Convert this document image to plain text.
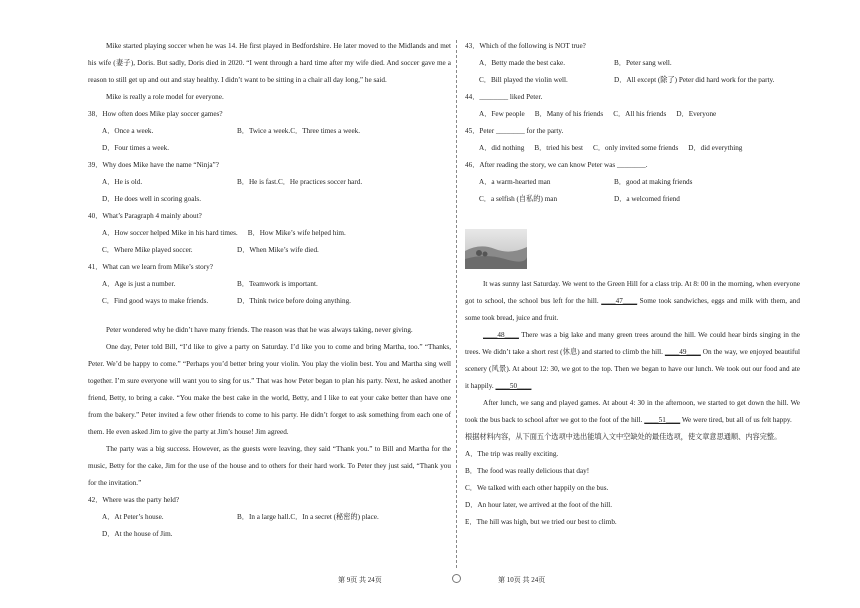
Mike started playing soccer when he was 14. He first played in Bedfordshire. He later moved to the Midlands and met his wife (妻子), Doris. But sadly, Doris died in 2020. “I went through a hard time after my wife died. And soccer gave me a reason to still get up and out and stay healthy. I didn’t want to be sitting in a chair all day long,” he said.

Mike is really a role model for everyone.

38．How often does Mike play soccer games?

A．Once a week.	B．Twice a week. C．Three times a week.
D．Four times a week.

39．Why does Mike have the name “Ninja”?

A．He is old.	B．He is fast. C．He practices soccer hard.
D．He does well in scoring goals.

40．What’s Paragraph 4 mainly about?

A．How soccer helped Mike in his hard times. B．How Mike’s wife helped him.
C．Where Mike played soccer.	D．When Mike’s wife died.

41．What can we learn from Mike’s story?

A．Age is just a number.	B．Teamwork is important.
C．Find good ways to make friends.	D．Think twice before doing anything.

Peter wondered why he didn’t have many friends. The reason was that he was always taking, never giving.

One day, Peter told Bill, “I’d like to give a party on Saturday. I’d like you to come and bring Martha, too.” “Thanks, Peter. We’d be happy to come.” “Perhaps you’d better bring your violin. You play the violin best. You and Martha sing well together. I’m sure everyone will want you to sing for us.” That was how Peter began to plan his party. Next, he asked another friend, Betty, to bring a cake. “You make the best cake in the world, Betty, and I like to eat your cake better than have one from the bakery.” Peter invited a few other friends to come to his party. He didn’t forget to ask something from each one of them. He even asked Jim to give the party at Jim’s house! Jim agreed.

The party was a big success. However, as the guests were leaving, they said “Thank you.” to Bill and Martha for the music, Betty for the cake, Jim for the use of the house and to others for their hard work. To Peter they just said, “Thank you for the invitation.”

42．Where was the party held?

A．At Peter’s house.	B．In a large hall. C．In a secret (秘密的) place.
D．At the house of Jim.

43．Which of the following is NOT true?

A．Betty made the best cake.	B．Peter sang well.
C．Bill played the violin well.	D．All except (除了) Peter did hard work for the party.

44．________ liked Peter.

A．Few people B．Many of his friends C．All his friends D．Everyone

45．Peter ________ for the party.

A．did nothing B．tried his best C．only invited some friends D．did everything

46．After reading the story, we can know Peter was ________.

A．a warm-hearted man	B．good at making friends
C．a selfish (自私的) man	D．a welcomed friend

It was sunny last Saturday. We went to the Green Hill for a class trip. At 8: 00 in the morning, when everyone got to school, the school bus left for the hill. ____47____ Some took sandwiches, eggs and milk with them, and some took bread, juice and fruit.

____48____ There was a big lake and many green trees around the hill. We could hear birds singing in the trees. We didn’t take a short rest (休息) and started to climb the hill. ____49____ On the way, we enjoyed beautiful scenery (风景). At about 12: 30, we got to the top. Then we began to have our lunch. We took out our food and ate it happily. ____50____

After lunch, we sang and played games. At about 4: 30 in the afternoon, we started to get down the hill. We took the bus back to school after we got to the foot of the hill. ____51____ We were tired, but all of us felt happy.

根据材料内容，从下面五个选项中选出能填入文中空缺处的最佳选项，使文章意思通顺、内容完整。

A．The trip was really exciting.

B．The food was really delicious that day!

C．We talked with each other happily on the bus.

D．An hour later, we arrived at the foot of the hill.

E．The hill was high, but we tried our best to climb.

第 9页 共 24页	第 10页 共 24页
